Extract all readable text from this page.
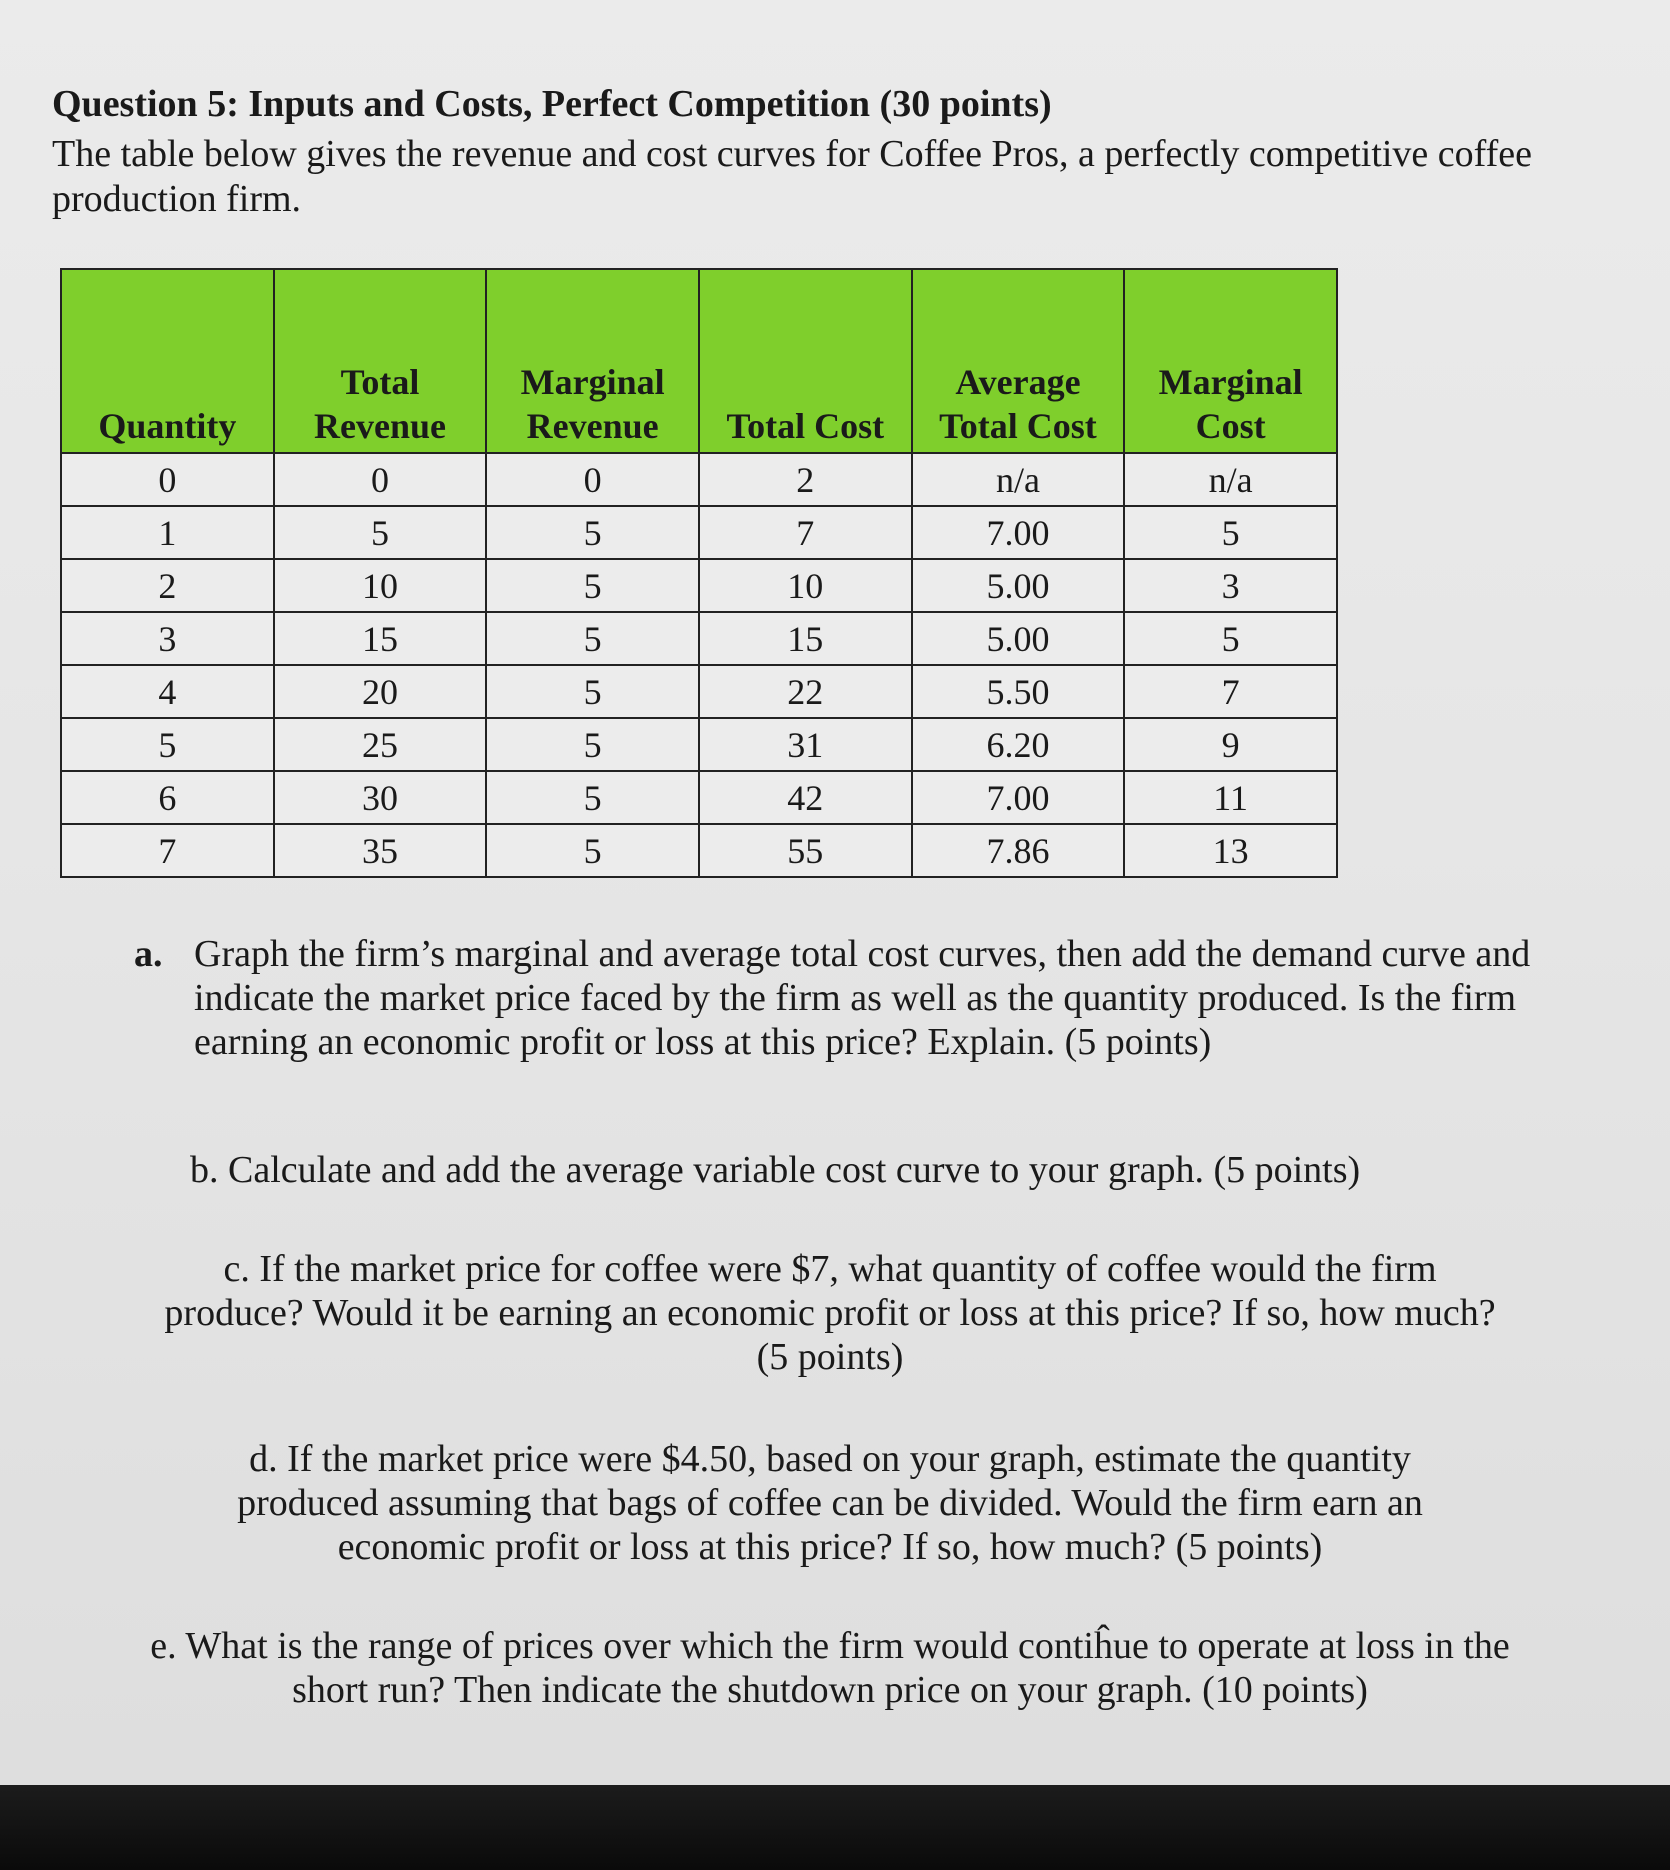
Question 5: Inputs and Costs, Perfect Competition (30 points)
The table below gives the revenue and cost curves for Coffee Pros, a perfectly competitive coffee production firm.
Quantity	Total Revenue	Marginal Revenue	Total Cost	Average Total Cost	Marginal Cost
0	0	0	2	n/a	n/a
1	5	5	7	7.00	5
2	10	5	10	5.00	3
3	15	5	15	5.00	5
4	20	5	22	5.50	7
5	25	5	31	6.20	9
6	30	5	42	7.00	11
7	35	5	55	7.86	13
a. Graph the firm’s marginal and average total cost curves, then add the demand curve and indicate the market price faced by the firm as well as the quantity produced. Is the firm earning an economic profit or loss at this price? Explain. (5 points)
b. Calculate and add the average variable cost curve to your graph. (5 points)
c. If the market price for coffee were $7, what quantity of coffee would the firm produce? Would it be earning an economic profit or loss at this price? If so, how much? (5 points)
d. If the market price were $4.50, based on your graph, estimate the quantity produced assuming that bags of coffee can be divided. Would the firm earn an economic profit or loss at this price? If so, how much? (5 points)
e. What is the range of prices over which the firm would contiĥue to operate at loss in the short run? Then indicate the shutdown price on your graph. (10 points)
